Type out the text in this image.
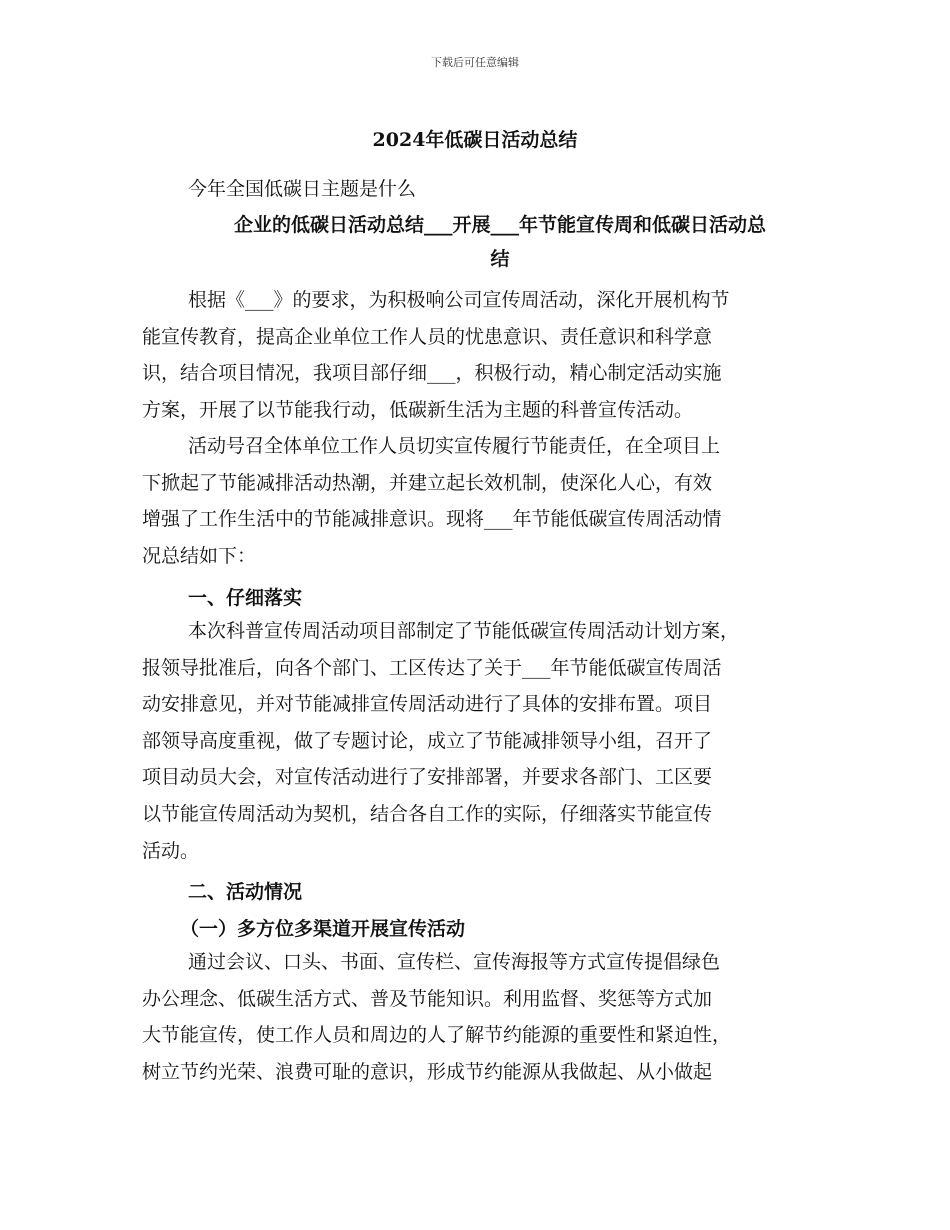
下载后可任意编辑
2024年低碳日活动总结
今年全国低碳日主题是什么
企业的低碳日活动总结___开展___年节能宣传周和低碳日活动总
结
根据《___》的要求，为积极响公司宣传周活动，深化开展机构节
能宣传教育，提高企业单位工作人员的忧患意识、责任意识和科学意
识，结合项目情况，我项目部仔细___，积极行动，精心制定活动实施
方案，开展了以节能我行动，低碳新生活为主题的科普宣传活动。
活动号召全体单位工作人员切实宣传履行节能责任，在全项目上
下掀起了节能减排活动热潮，并建立起长效机制，使深化人心，有效
增强了工作生活中的节能减排意识。现将___年节能低碳宣传周活动情
况总结如下：
一、仔细落实
本次科普宣传周活动项目部制定了节能低碳宣传周活动计划方案，
报领导批准后，向各个部门、工区传达了关于___年节能低碳宣传周活
动安排意见，并对节能减排宣传周活动进行了具体的安排布置。项目
部领导高度重视，做了专题讨论，成立了节能减排领导小组，召开了
项目动员大会，对宣传活动进行了安排部署，并要求各部门、工区要
以节能宣传周活动为契机，结合各自工作的实际，仔细落实节能宣传
活动。
二、活动情况
（一）多方位多渠道开展宣传活动
通过会议、口头、书面、宣传栏、宣传海报等方式宣传提倡绿色
办公理念、低碳生活方式、普及节能知识。利用监督、奖惩等方式加
大节能宣传，使工作人员和周边的人了解节约能源的重要性和紧迫性，
树立节约光荣、浪费可耻的意识，形成节约能源从我做起、从小做起
